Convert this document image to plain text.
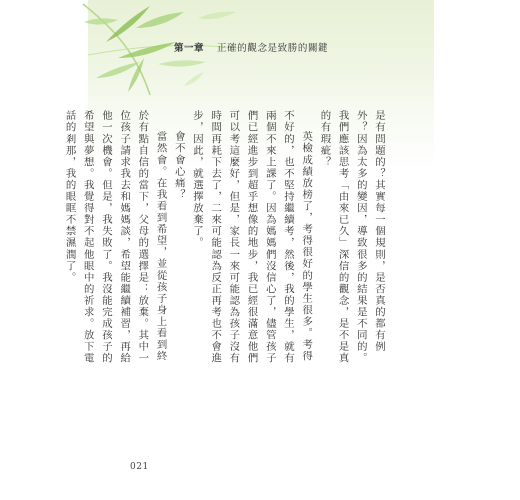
第一章 正確的觀念是致勝的關鍵

是有問題的？其實每一個規則，是否真的都有例外？因為太多的變因，導致很多的結果是不同的。我們應該思考「由來已久」深信的觀念，是不是真的有瑕疵？

英檢成績放榜了，考得很好的學生很多。考得不好的，也不堅持繼續考，然後，我的學生，就有兩個不來上課了。因為媽媽們沒信心了，儘管孩子們已經進步到超乎想像的地步，我已經很滿意他們可以考這麼好，但是，家長一來可能認為孩子沒有時間再耗下去了，二來可能認為反正再考也不會進步，因此，就選擇放棄了。

會不會心痛？

當然會。在我看到希望，並從孩子身上看到終於有點自信的當下，父母的選擇是：放棄。其中一位孩子請求我去和媽媽談，希望能繼續補習，再給他一次機會。但是，我失敗了。我沒能完成孩子的希望與夢想。我覺得對不起他眼中的祈求。放下電話的剎那，我的眼眶不禁濕潤了。

021
